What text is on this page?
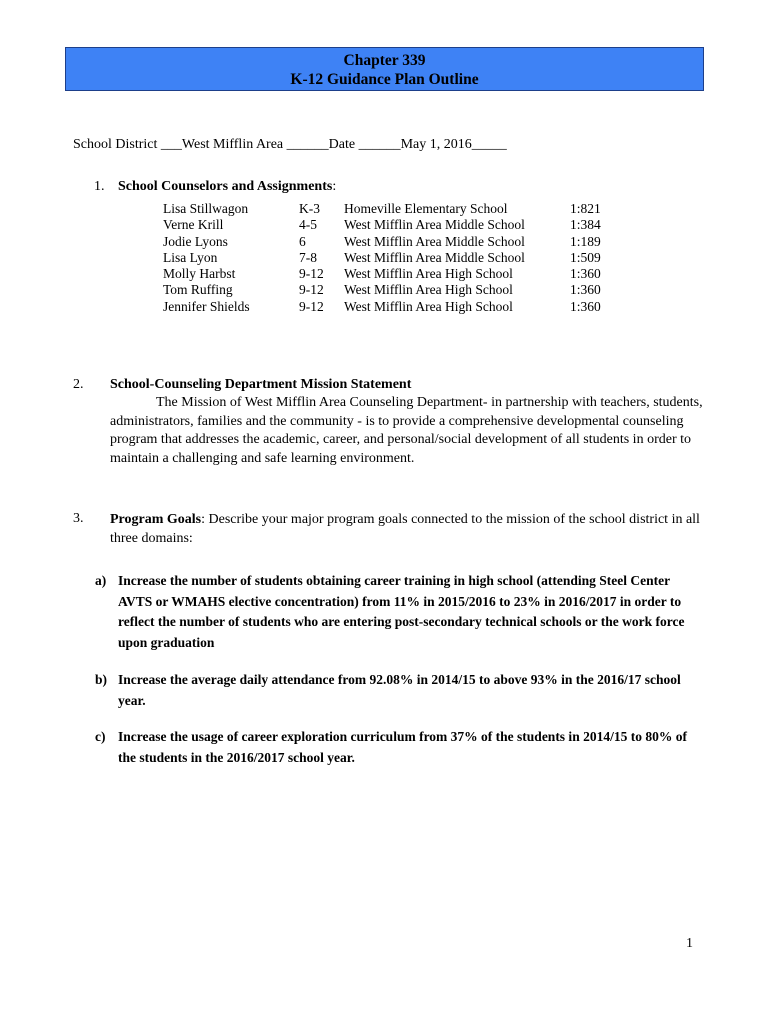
Chapter 339
K-12 Guidance Plan Outline
School District ___West Mifflin Area ______Date ______May 1, 2016_____
1. School Counselors and Assignments:
Lisa Stillwagon	K-3	Homeville Elementary School	1:821
Verne Krill	4-5	West Mifflin Area Middle School	1:384
Jodie Lyons	6	West Mifflin Area Middle School	1:189
Lisa Lyon	7-8	West Mifflin Area Middle School	1:509
Molly Harbst	9-12	West Mifflin Area High School	1:360
Tom Ruffing	9-12	West Mifflin Area High School	1:360
Jennifer Shields	9-12	West Mifflin Area High School	1:360
2. School-Counseling Department Mission Statement
The Mission of West Mifflin Area Counseling Department- in partnership with teachers, students, administrators, families and the community - is to provide a comprehensive developmental counseling program that addresses the academic, career, and personal/social development of all students in order to maintain a challenging and safe learning environment.
3. Program Goals: Describe your major program goals connected to the mission of the school district in all three domains:
a) Increase the number of students obtaining career training in high school (attending Steel Center AVTS or WMAHS elective concentration) from 11% in 2015/2016 to 23% in 2016/2017 in order to reflect the number of students who are entering post-secondary technical schools or the work force upon graduation
b) Increase the average daily attendance from 92.08% in 2014/15 to above 93% in the 2016/17 school year.
c) Increase the usage of career exploration curriculum from 37% of the students in 2014/15 to 80% of the students in the 2016/2017 school year.
1
